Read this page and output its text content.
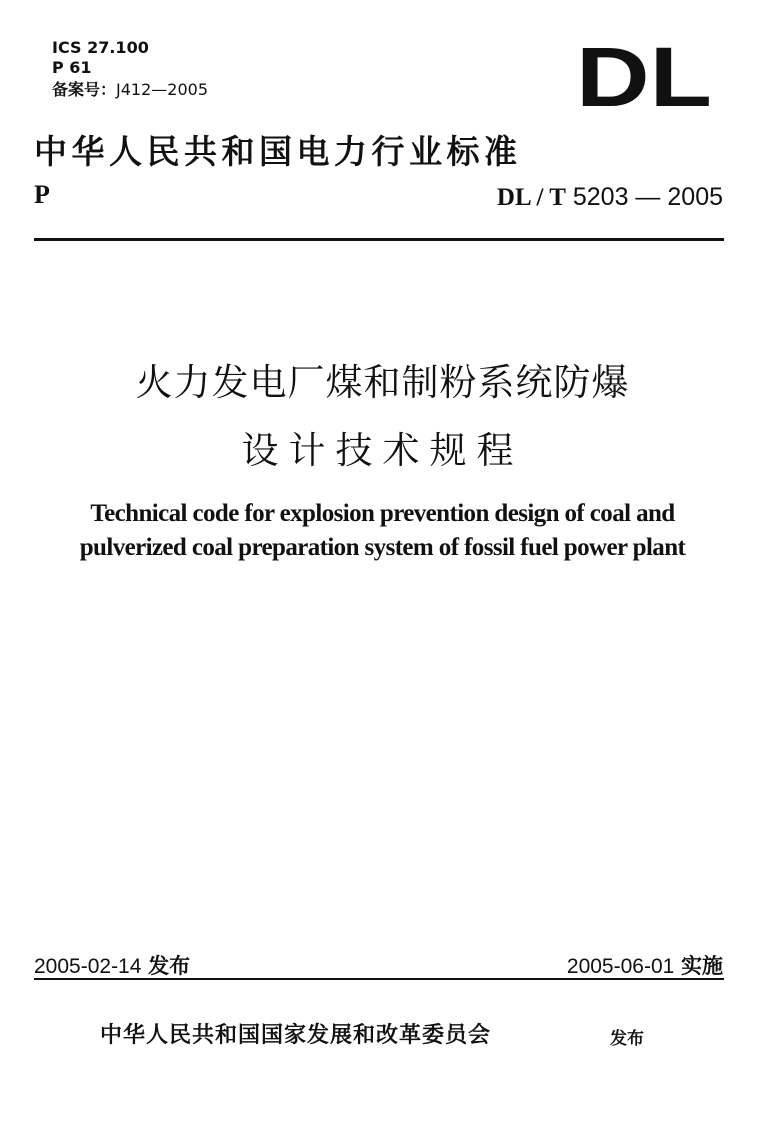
ICS 27.100
P 61
备案号：J412—2005	DL
中华人民共和国电力行业标准
P	DL / T 5203 — 2005
火力发电厂煤和制粉系统防爆
设计技术规程
Technical code for explosion prevention design of coal and
pulverized coal preparation system of fossil fuel power plant
2005-02-14 发布	2005-06-01 实施
中华人民共和国国家发展和改革委员会	发布
